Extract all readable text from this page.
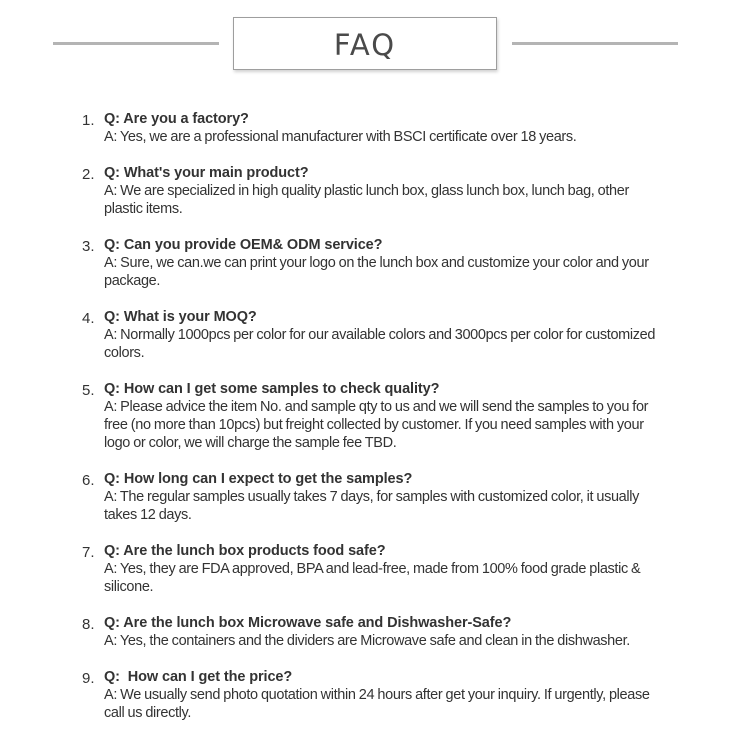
FAQ
1. Q: Are you a factory?
A: Yes, we are a professional manufacturer with BSCI certificate over 18 years.
2. Q: What's your main product?
A: We are specialized in high quality plastic lunch box, glass lunch box, lunch bag, other plastic items.
3. Q: Can you provide OEM& ODM service?
A: Sure, we can.we can print your logo on the lunch box and customize your color and your package.
4. Q: What is your MOQ?
A: Normally 1000pcs per color for our available colors and 3000pcs per color for customized colors.
5. Q: How can I get some samples to check quality?
A: Please advice the item No. and sample qty to us and we will send the samples to you for free (no more than 10pcs) but freight collected by customer. If you need samples with your logo or color, we will charge the sample fee TBD.
6. Q: How long can I expect to get the samples?
A: The regular samples usually takes 7 days, for samples with customized color, it usually takes 12 days.
7. Q: Are the lunch box products food safe?
A: Yes, they are FDA approved, BPA and lead-free, made from 100% food grade plastic & silicone.
8. Q: Are the lunch box Microwave safe and Dishwasher-Safe?
A: Yes, the containers and the dividers are Microwave safe and clean in the dishwasher.
9. Q:  How can I get the price?
A: We usually send photo quotation within 24 hours after get your inquiry. If urgently, please call us directly.
